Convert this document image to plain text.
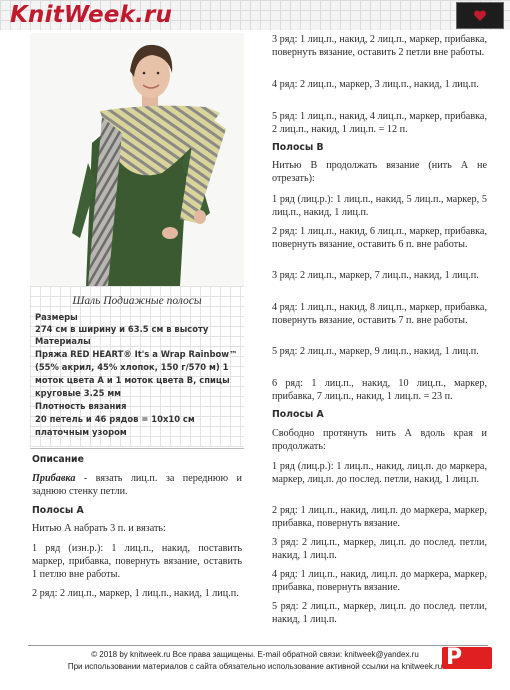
KnitWeek.ru
Шаль Подиажные полосы
Размеры
274 см в ширину и 63.5 см в высоту
Материалы
Пряжа RED HEART® It's a Wrap Rainbow™
(55% акрил, 45% хлопок, 150 г/570 м) 1
моток цвета А и 1 моток цвета В, спицы
круговые 3.25 мм
Плотность вязания
20 петель и 46 рядов = 10х10 см
платочным узором

Описание

Прибавка - вязать лиц.п. за переднюю и заднюю стенку петли.

Полосы А

Нитью А набрать 3 п. и вязать:

1 ряд (изн.р.): 1 лиц.п., накид, поставить маркер, прибавка, повернуть вязание, оставить 1 петлю вне работы.

2 ряд: 2 лиц.п., маркер, 1 лиц.п., накид, 1 лиц.п.

3 ряд: 1 лиц.п., накид, 2 лиц.п., маркер, прибавка, повернуть вязание, оставить 2 петли вне работы.

4 ряд: 2 лиц.п., маркер, 3 лиц.п., накид, 1 лиц.п.

5 ряд: 1 лиц.п., накид, 4 лиц.п., маркер, прибавка, 2 лиц.п., накид, 1 лиц.п. = 12 п.

Полосы В

Нитью В продолжать вязание (нить А не отрезать):

1 ряд (лиц.р.): 1 лиц.п., накид, 5 лиц.п., маркер, 5 лиц.п., накид, 1 лиц.п.

2 ряд: 1 лиц.п., накид, 6 лиц.п., маркер, прибавка, повернуть вязание, оставить 6 п. вне работы.

3 ряд: 2 лиц.п., маркер, 7 лиц.п., накид, 1 лиц.п.

4 ряд: 1 лиц.п., накид, 8 лиц.п., маркер, прибавка, повернуть вязание, оставить 7 п. вне работы.

5 ряд: 2 лиц.п., маркер, 9 лиц.п., накид, 1 лиц.п.

6 ряд: 1 лиц.п., накид, 10 лиц.п., маркер, прибавка, 7 лиц.п., накид, 1 лиц.п. = 23 п.

Полосы А

Свободно протянуть нить А вдоль края и продолжать:

1 ряд (лиц.р.): 1 лиц.п., накид, лиц.п. до маркера, маркер, лиц.п. до послед. петли, накид, 1 лиц.п.

2 ряд: 1 лиц.п., накид, лиц.п. до маркера, маркер, прибавка, повернуть вязание.

3 ряд: 2 лиц.п., маркер, лиц.п. до послед. петли, накид, 1 лиц.п.

4 ряд: 1 лиц.п., накид, лиц.п. до маркера, маркер, прибавка, повернуть вязание.

5 ряд: 2 лиц.п., маркер, лиц.п. до послед. петли, накид, 1 лиц.п.

© 2018 by knitweek.ru Все права защищены. E-mail обратной связи: knitweek@yandex.ru
При использовании материалов с сайта обязательно использование активной ссылки на knitweek.ru P
